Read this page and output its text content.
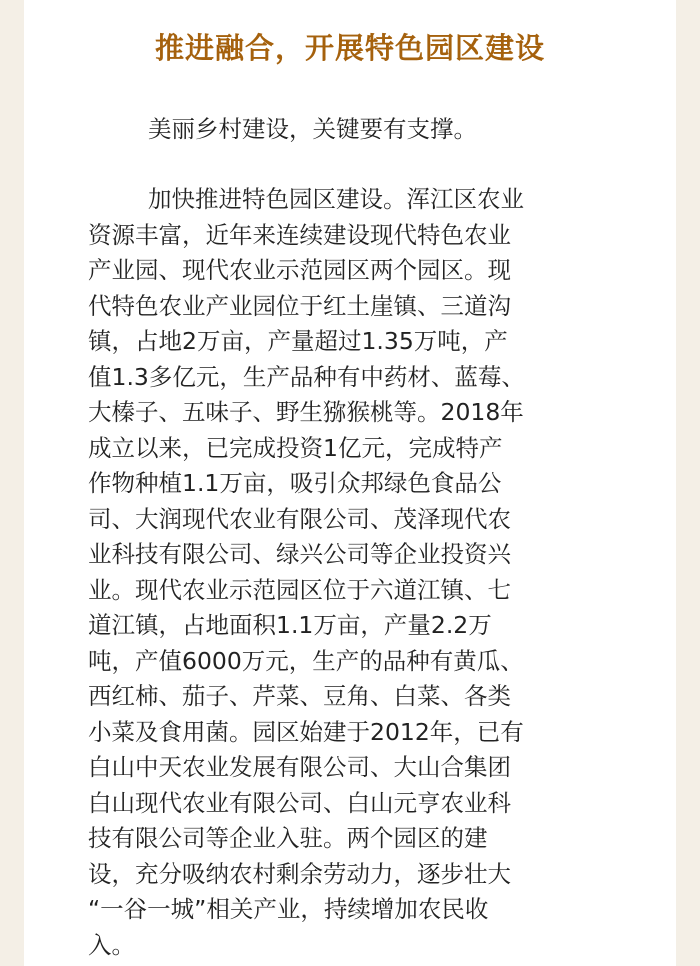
推进融合，开展特色园区建设
美丽乡村建设，关键要有支撑。
加快推进特色园区建设。浑江区农业
资源丰富，近年来连续建设现代特色农业
产业园、现代农业示范园区两个园区。现
代特色农业产业园位于红土崖镇、三道沟
镇，占地2万亩，产量超过1.35万吨，产
值1.3多亿元，生产品种有中药材、蓝莓、
大榛子、五味子、野生猕猴桃等。2018年
成立以来，已完成投资1亿元，完成特产
作物种植1.1万亩，吸引众邦绿色食品公
司、大润现代农业有限公司、茂泽现代农
业科技有限公司、绿兴公司等企业投资兴
业。现代农业示范园区位于六道江镇、七
道江镇，占地面积1.1万亩，产量2.2万
吨，产值6000万元，生产的品种有黄瓜、
西红柿、茄子、芹菜、豆角、白菜、各类
小菜及食用菌。园区始建于2012年，已有
白山中天农业发展有限公司、大山合集团
白山现代农业有限公司、白山元亨农业科
技有限公司等企业入驻。两个园区的建
设，充分吸纳农村剩余劳动力，逐步壮大
“一谷一城”相关产业，持续增加农民收
入。
